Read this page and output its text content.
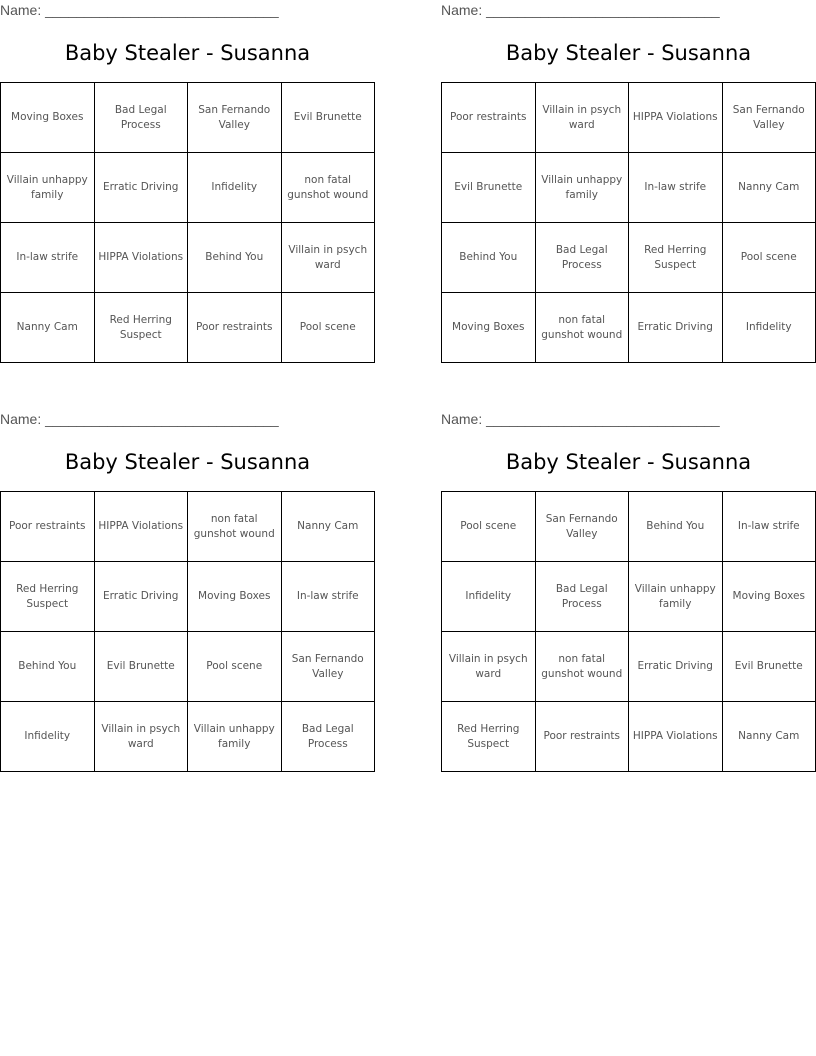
Name: ______________________________
Baby Stealer - Susanna
Moving Boxes	Bad Legal Process	San Fernando Valley	Evil Brunette
Villain unhappy family	Erratic Driving	Infidelity	non fatal gunshot wound
In-law strife	HIPPA Violations	Behind You	Villain in psych ward
Nanny Cam	Red Herring Suspect	Poor restraints	Pool scene
Name: ______________________________
Baby Stealer - Susanna
Poor restraints	Villain in psych ward	HIPPA Violations	San Fernando Valley
Evil Brunette	Villain unhappy family	In-law strife	Nanny Cam
Behind You	Bad Legal Process	Red Herring Suspect	Pool scene
Moving Boxes	non fatal gunshot wound	Erratic Driving	Infidelity
Name: ______________________________
Baby Stealer - Susanna
Poor restraints	HIPPA Violations	non fatal gunshot wound	Nanny Cam
Red Herring Suspect	Erratic Driving	Moving Boxes	In-law strife
Behind You	Evil Brunette	Pool scene	San Fernando Valley
Infidelity	Villain in psych ward	Villain unhappy family	Bad Legal Process
Name: ______________________________
Baby Stealer - Susanna
Pool scene	San Fernando Valley	Behind You	In-law strife
Infidelity	Bad Legal Process	Villain unhappy family	Moving Boxes
Villain in psych ward	non fatal gunshot wound	Erratic Driving	Evil Brunette
Red Herring Suspect	Poor restraints	HIPPA Violations	Nanny Cam
